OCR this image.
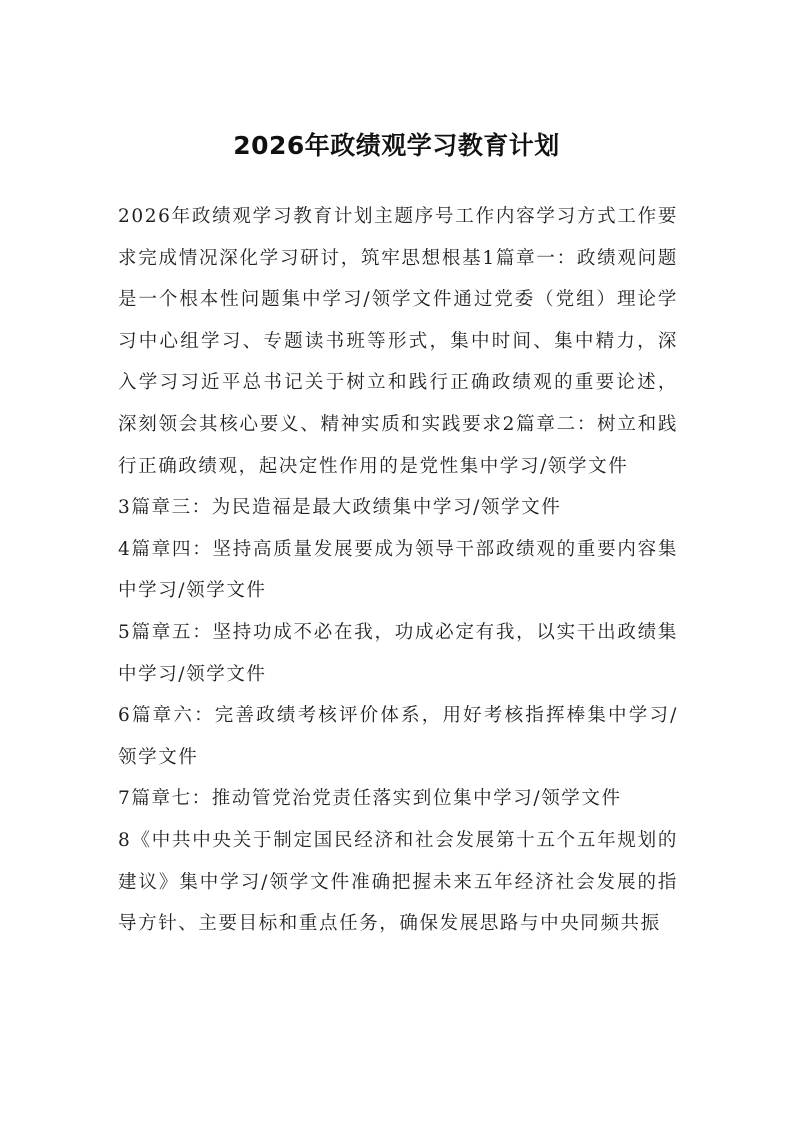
2026年政绩观学习教育计划

2026年政绩观学习教育计划主题序号工作内容学习方式工作要求完成情况深化学习研讨，筑牢思想根基1篇章一：政绩观问题是一个根本性问题集中学习/领学文件通过党委（党组）理论学习中心组学习、专题读书班等形式，集中时间、集中精力，深入学习习近平总书记关于树立和践行正确政绩观的重要论述，深刻领会其核心要义、精神实质和实践要求2篇章二：树立和践行正确政绩观，起决定性作用的是党性集中学习/领学文件

3篇章三：为民造福是最大政绩集中学习/领学文件

4篇章四：坚持高质量发展要成为领导干部政绩观的重要内容集中学习/领学文件

5篇章五：坚持功成不必在我，功成必定有我，以实干出政绩集中学习/领学文件

6篇章六：完善政绩考核评价体系，用好考核指挥棒集中学习/领学文件

7篇章七：推动管党治党责任落实到位集中学习/领学文件

8《中共中央关于制定国民经济和社会发展第十五个五年规划的建议》集中学习/领学文件准确把握未来五年经济社会发展的指导方针、主要目标和重点任务，确保发展思路与中央同频共振
